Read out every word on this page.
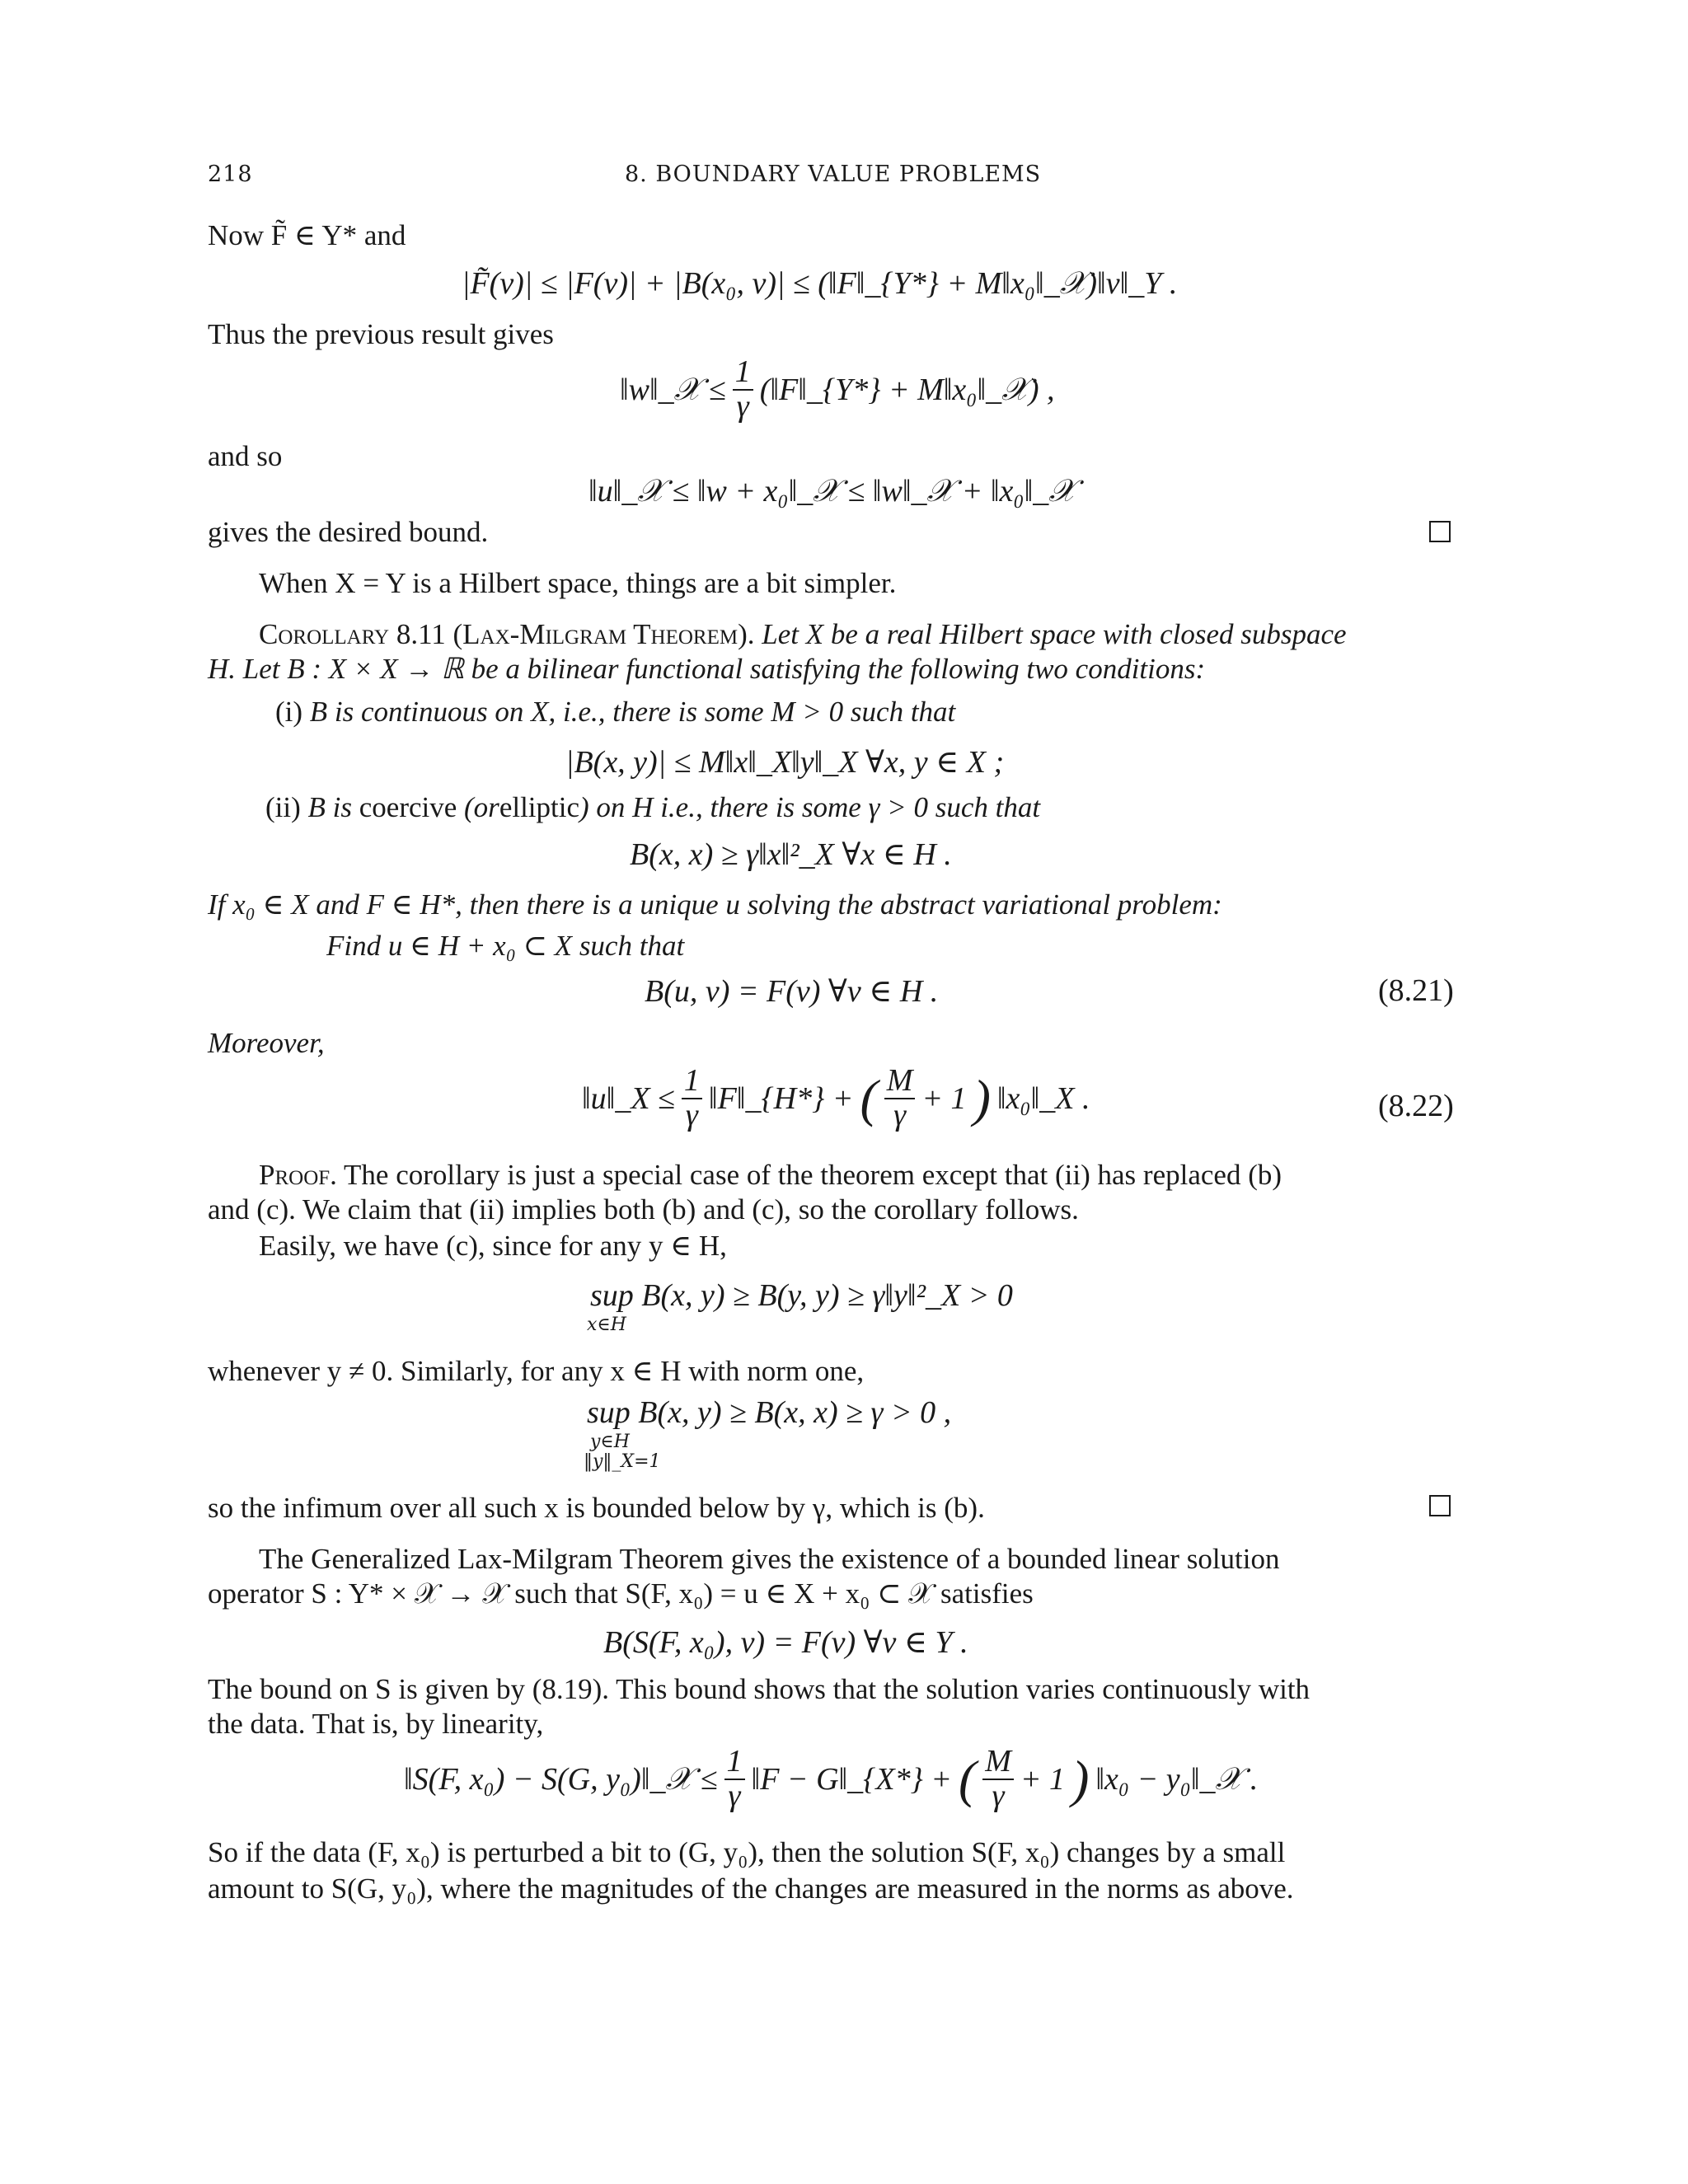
218	8. BOUNDARY VALUE PROBLEMS
Now F̃ ∈ Y* and
|F̃(v)| ≤ |F(v)| + |B(x₀, v)| ≤ (‖F‖_{Y*} + M‖x₀‖_𝒳)‖v‖_Y .
Thus the previous result gives
‖w‖_𝒳 ≤ $\frac{1}{\gamma}$ (‖F‖_{Y*} + M‖x₀‖_𝒳) ,
and so
‖u‖_𝒳 ≤ ‖w + x₀‖_𝒳 ≤ ‖w‖_𝒳 + ‖x₀‖_𝒳
gives the desired bound.
When X = Y is a Hilbert space, things are a bit simpler.
Corollary 8.11 (Lax-Milgram Theorem). Let X be a real Hilbert space with closed subspace
H. Let B : X × X → ℝ be a bilinear functional satisfying the following two conditions:
(i) B is continuous on X, i.e., there is some M > 0 such that
|B(x, y)| ≤ M‖x‖_X‖y‖_X ∀x, y ∈ X ;
(ii) B is coercive (orelliptic) on H i.e., there is some γ > 0 such that
B(x, x) ≥ γ‖x‖²_X ∀x ∈ H .
If x₀ ∈ X and F ∈ H*, then there is a unique u solving the abstract variational problem:
Find u ∈ H + x₀ ⊂ X such that
B(u, v) = F(v) ∀v ∈ H .	(8.21)
Moreover,
‖u‖_X ≤ $\frac{1}{\gamma}$ ‖F‖_{H*} + ( $\frac{M}{\gamma} + 1$ ) ‖x₀‖_X .	(8.22)
Proof. The corollary is just a special case of the theorem except that (ii) has replaced (b)
and (c). We claim that (ii) implies both (b) and (c), so the corollary follows.
Easily, we have (c), since for any y ∈ H,
sup B(x, y) ≥ B(y, y) ≥ γ‖y‖²_X > 0
x∈H
whenever y ≠ 0. Similarly, for any x ∈ H with norm one,
sup B(x, y) ≥ B(x, x) ≥ γ > 0 ,
y∈H
‖y‖_X=1
so the infimum over all such x is bounded below by γ, which is (b).
The Generalized Lax-Milgram Theorem gives the existence of a bounded linear solution
operator S : Y* × 𝒳 → 𝒳 such that S(F, x₀) = u ∈ X + x₀ ⊂ 𝒳 satisfies
B(S(F, x₀), v) = F(v) ∀v ∈ Y .
The bound on S is given by (8.19). This bound shows that the solution varies continuously with
the data. That is, by linearity,
‖S(F, x₀) − S(G, y₀)‖_𝒳 ≤ $\frac{1}{\gamma}$ ‖F − G‖_{X*} + ( $\frac{M}{\gamma} + 1$ ) ‖x₀ − y₀‖_𝒳 .
So if the data (F, x₀) is perturbed a bit to (G, y₀), then the solution S(F, x₀) changes by a small
amount to S(G, y₀), where the magnitudes of the changes are measured in the norms as above.
